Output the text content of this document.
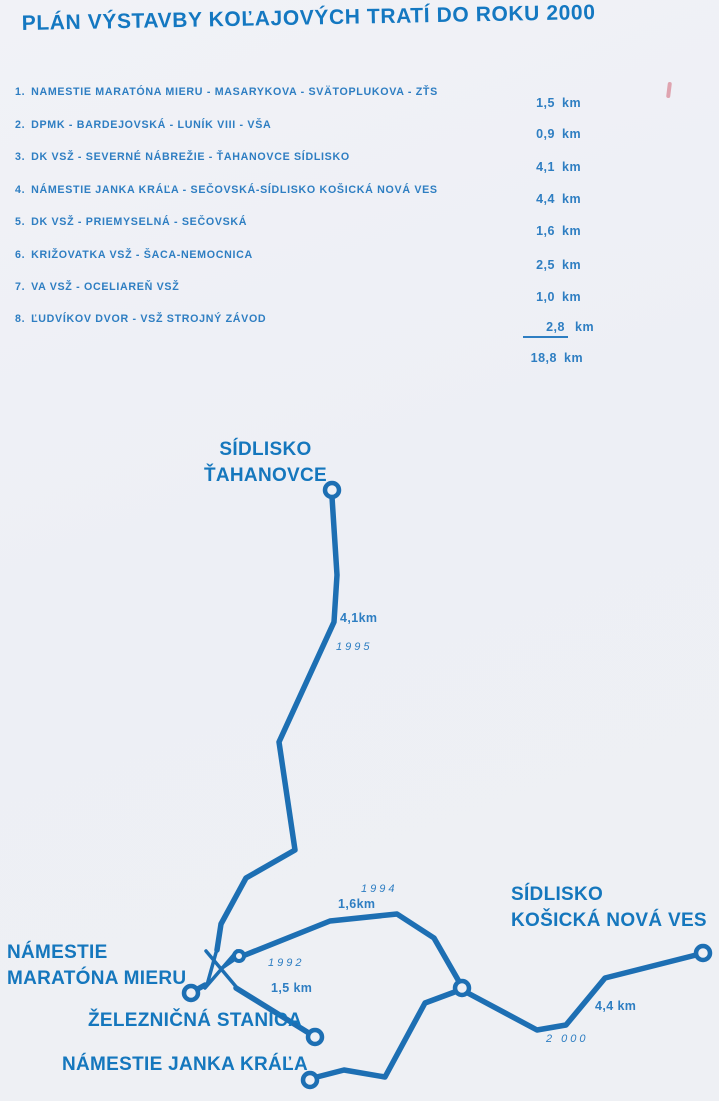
PLÁN VÝSTAVBY KOĽAJOVÝCH TRATÍ DO ROKU 2000
1. NAMESTIE MARATÓNA MIERU - MASARYKOVA - SVÄTOPLUKOVA - ZŤS
2. DPMK - BARDEJOVSKÁ - LUNÍK VIII - VŠA
3. DK VSŽ - SEVERNÉ NÁBREŽIE - ŤAHANOVCE SÍDLISKO
4. NÁMESTIE JANKA KRÁĽA - SEČOVSKÁ-SÍDLISKO KOŠICKÁ NOVÁ VES
5. DK VSŽ - PRIEMYSELNÁ - SEČOVSKÁ
6. KRIŽOVATKA VSŽ - ŠACA-NEMOCNICA
7. VA VSŽ - OCELIAREŇ VSŽ
8. ĽUDVÍKOV DVOR - VSŽ STROJNÝ ZÁVOD
1,5 km
0,9 km
4,1 km
4,4 km
1,6 km
2,5 km
1,0 km
2,8 km
18,8 km
SÍDLISKO
ŤAHANOVCE
NÁMESTIE
MARATÓNA MIERU
ŽELEZNIČNÁ STANICA
NÁMESTIE JANKA KRÁĽA
SÍDLISKO
KOŠICKÁ NOVÁ VES
4,1km
1995
1994
1,6km
1992
1,5 km
4,4 km
2 000
